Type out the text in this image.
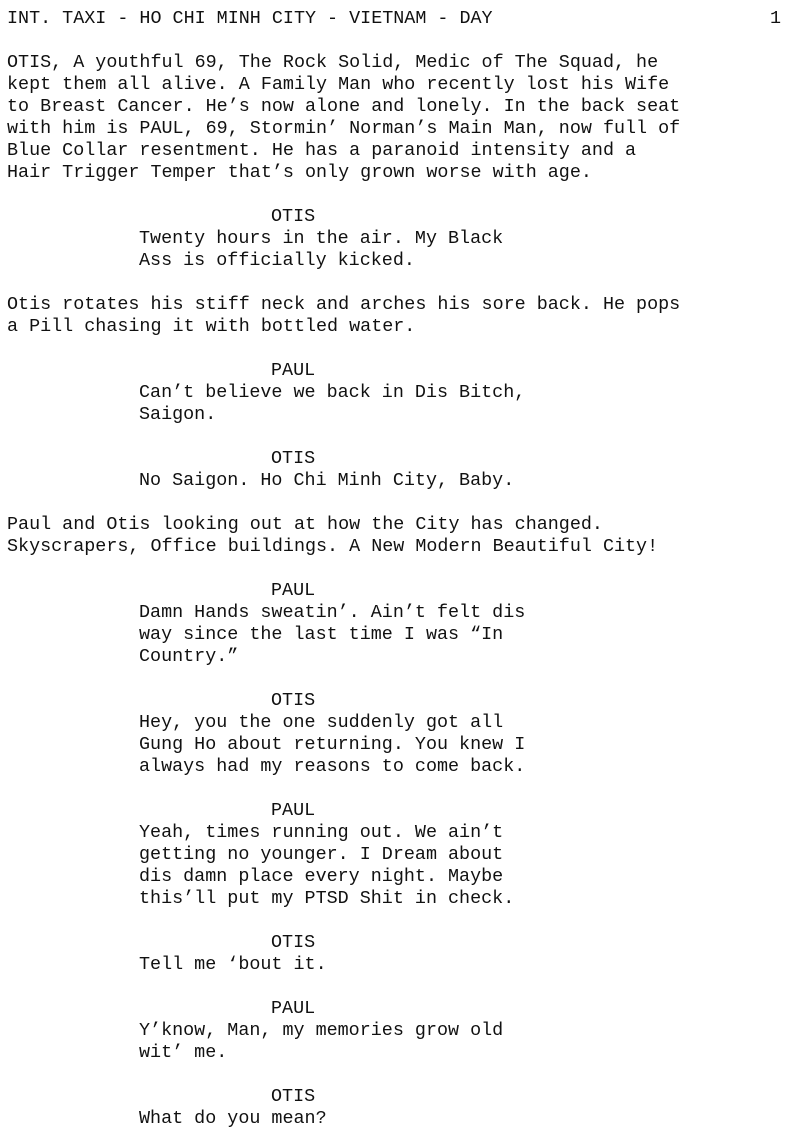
INT. TAXI - HO CHI MINH CITY - VIETNAM - DAY	1
OTIS, A youthful 69, The Rock Solid, Medic of The Squad, he
kept them all alive. A Family Man who recently lost his Wife
to Breast Cancer. He’s now alone and lonely. In the back seat
with him is PAUL, 69, Stormin’ Norman’s Main Man, now full of
Blue Collar resentment. He has a paranoid intensity and a
Hair Trigger Temper that’s only grown worse with age.
OTIS
Twenty hours in the air. My Black
Ass is officially kicked.
Otis rotates his stiff neck and arches his sore back. He pops
a Pill chasing it with bottled water.
PAUL
Can’t believe we back in Dis Bitch,
Saigon.
OTIS
No Saigon. Ho Chi Minh City, Baby.
Paul and Otis looking out at how the City has changed.
Skyscrapers, Office buildings. A New Modern Beautiful City!
PAUL
Damn Hands sweatin’. Ain’t felt dis
way since the last time I was “In
Country.”
OTIS
Hey, you the one suddenly got all
Gung Ho about returning. You knew I
always had my reasons to come back.
PAUL
Yeah, times running out. We ain’t
getting no younger. I Dream about
dis damn place every night. Maybe
this’ll put my PTSD Shit in check.
OTIS
Tell me ‘bout it.
PAUL
Y’know, Man, my memories grow old
wit’ me.
OTIS
What do you mean?
